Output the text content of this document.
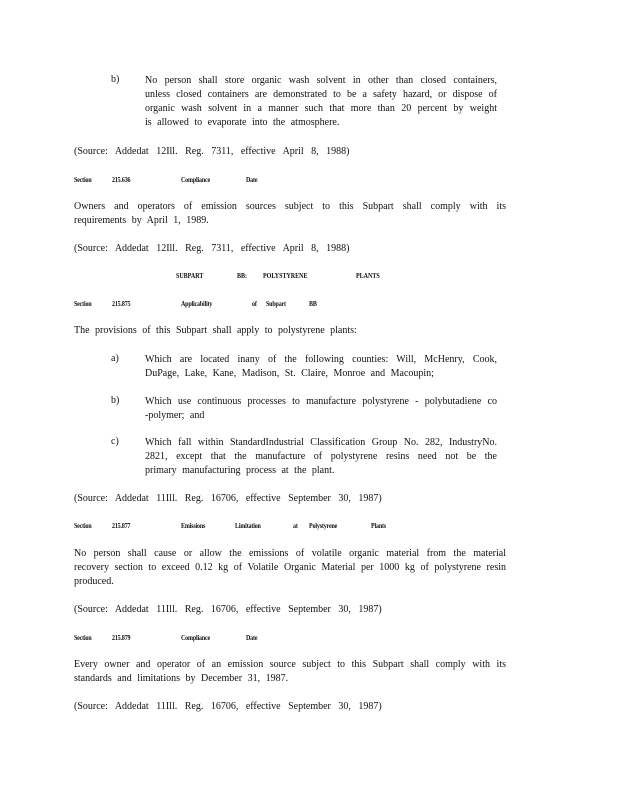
b)	No person shall store organic wash solvent in other than closed containers, unless closed containers are demonstrated to be a safety hazard, or dispose of organic wash solvent in a manner such that more than 20 percent by weight is allowed to evaporate into the atmosphere.
(Source: Addedat 12Ill. Reg. 7311, effective April 8, 1988)
Section	215.636	Compliance	Date
Owners and operators of emission sources subject to this Subpart shall comply with its requirements by April 1, 1989.
(Source: Addedat 12Ill. Reg. 7311, effective April 8, 1988)
SUBPART	BB: POLYSTYRENE	PLANTS
Section	215.875	Applicability	of Subpart	BB
The provisions of this Subpart shall apply to polystyrene plants:
a)	Which are located inany of the following counties: Will, McHenry, Cook, DuPage, Lake, Kane, Madison, St. Claire, Monroe and Macoupin;
b)	Which use continuous processes to manufacture polystyrene - polybutadiene co -polymer; and
c)	Which fall within StandardIndustrial Classification Group No. 282, IndustryNo. 2821, except that the manufacture of polystyrene resins need not be the primary manufacturing process at the plant.
(Source: Addedat 11Ill. Reg. 16706, effective September 30, 1987)
Section	215.877	Emissions	Limitation	at Polystyrene	Plants
No person shall cause or allow the emissions of volatile organic material from the material recovery section to exceed 0.12 kg of Volatile Organic Material per 1000 kg of polystyrene resin produced.
(Source: Addedat 11Ill. Reg. 16706, effective September 30, 1987)
Section	215.879	Compliance	Date
Every owner and operator of an emission source subject to this Subpart shall comply with its standards and limitations by December 31, 1987.
(Source: Addedat 11Ill. Reg. 16706, effective September 30, 1987)
